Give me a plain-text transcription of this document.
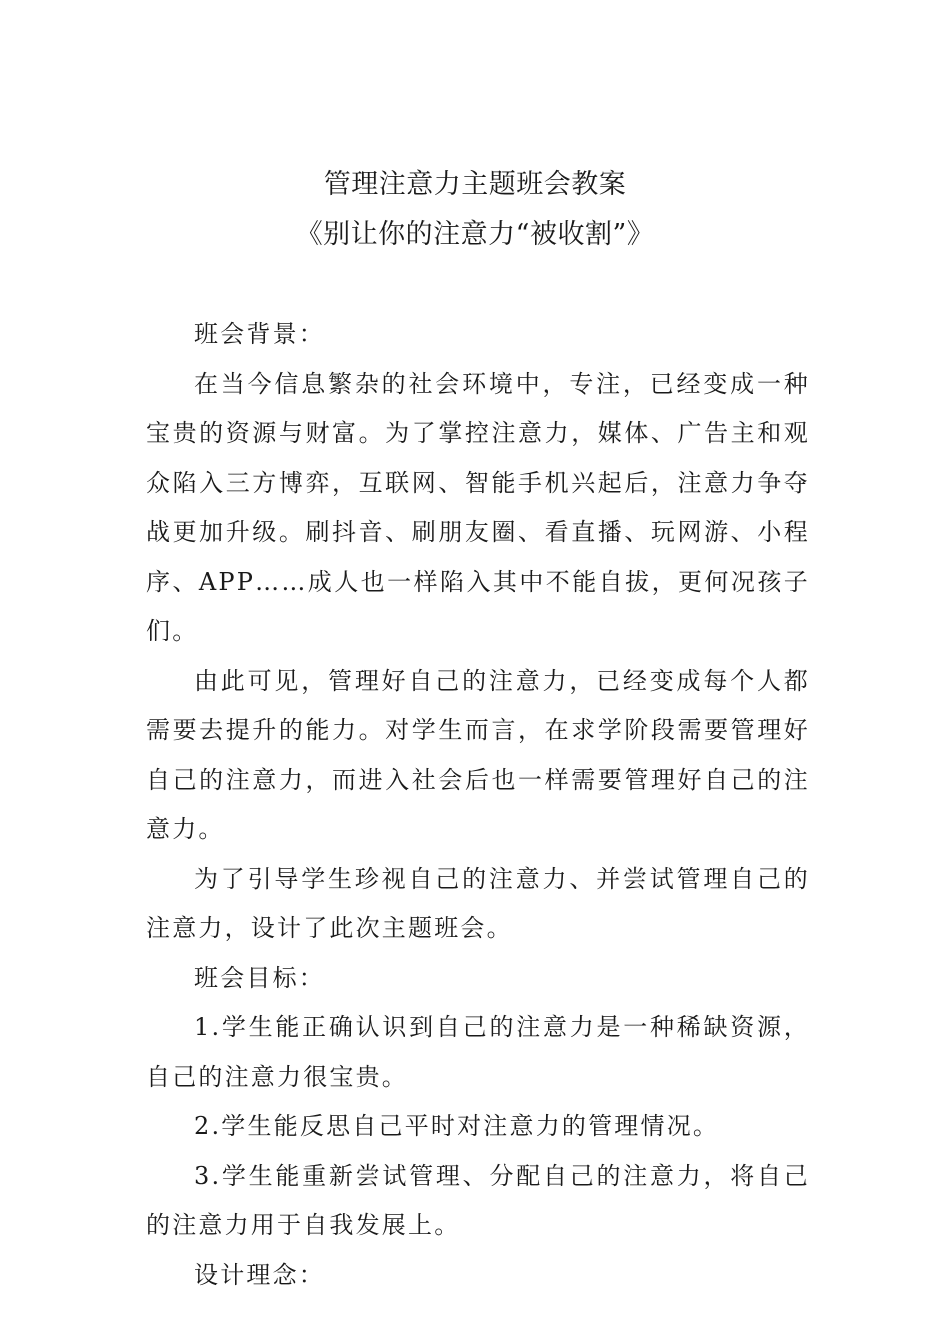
管理注意力主题班会教案
《别让你的注意力“被收割”》

班会背景：

在当今信息繁杂的社会环境中，专注，已经变成一种宝贵的资源与财富。为了掌控注意力，媒体、广告主和观众陷入三方博弈，互联网、智能手机兴起后，注意力争夺战更加升级。刷抖音、刷朋友圈、看直播、玩网游、小程序、APP……成人也一样陷入其中不能自拔，更何况孩子们。

由此可见，管理好自己的注意力，已经变成每个人都需要去提升的能力。对学生而言，在求学阶段需要管理好自己的注意力，而进入社会后也一样需要管理好自己的注意力。

为了引导学生珍视自己的注意力、并尝试管理自己的注意力，设计了此次主题班会。

班会目标：

1.学生能正确认识到自己的注意力是一种稀缺资源，自己的注意力很宝贵。

2.学生能反思自己平时对注意力的管理情况。

3.学生能重新尝试管理、分配自己的注意力，将自己的注意力用于自我发展上。

设计理念：
